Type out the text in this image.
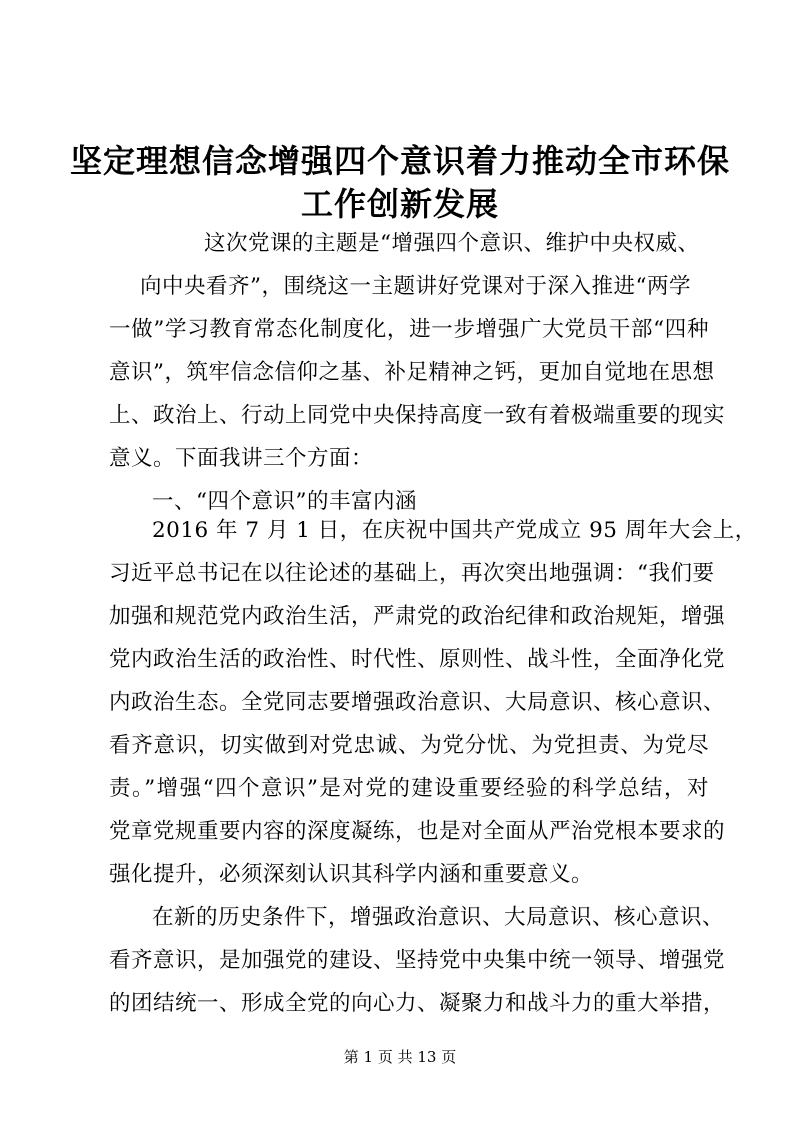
坚定理想信念增强四个意识着力推动全市环保
工作创新发展
这次党课的主题是“增强四个意识、维护中央权威、
向中央看齐”，围绕这一主题讲好党课对于深入推进“两学
一做”学习教育常态化制度化，进一步增强广大党员干部“四种
意识”，筑牢信念信仰之基、补足精神之钙，更加自觉地在思想
上、政治上、行动上同党中央保持高度一致有着极端重要的现实
意义。下面我讲三个方面：
一、“四个意识”的丰富内涵
2016 年 7 月 1 日，在庆祝中国共产党成立 95 周年大会上，
习近平总书记在以往论述的基础上，再次突出地强调：“我们要
加强和规范党内政治生活，严肃党的政治纪律和政治规矩，增强
党内政治生活的政治性、时代性、原则性、战斗性，全面净化党
内政治生态。全党同志要增强政治意识、大局意识、核心意识、
看齐意识，切实做到对党忠诚、为党分忧、为党担责、为党尽
责。”增强“四个意识”是对党的建设重要经验的科学总结，对
党章党规重要内容的深度凝练，也是对全面从严治党根本要求的
强化提升，必须深刻认识其科学内涵和重要意义。
在新的历史条件下，增强政治意识、大局意识、核心意识、
看齐意识，是加强党的建设、坚持党中央集中统一领导、增强党
的团结统一、形成全党的向心力、凝聚力和战斗力的重大举措，
第 1 页 共 13 页
